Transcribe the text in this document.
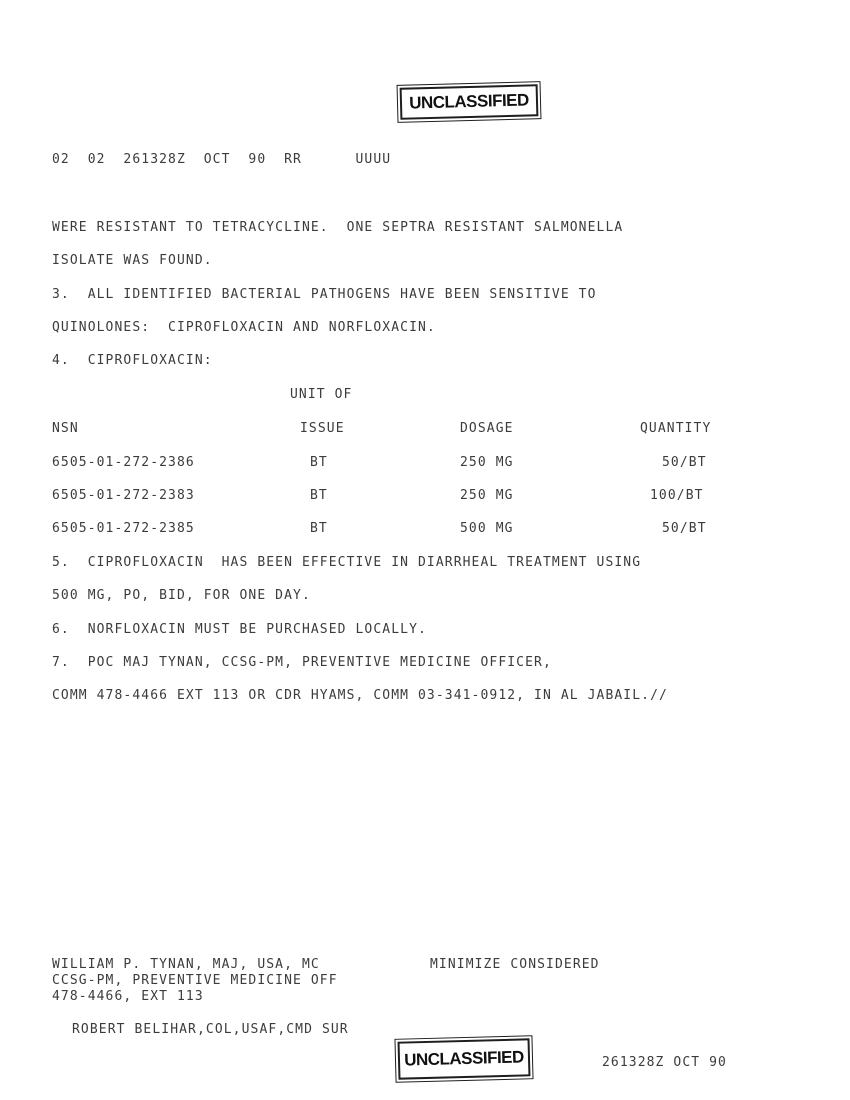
UNCLASSIFIED
02  02  261328Z  OCT  90  RR      UUUU
WERE RESISTANT TO TETRACYCLINE.  ONE SEPTRA RESISTANT SALMONELLA
ISOLATE WAS FOUND.
3.  ALL IDENTIFIED BACTERIAL PATHOGENS HAVE BEEN SENSITIVE TO
QUINOLONES:  CIPROFLOXACIN AND NORFLOXACIN.
4.  CIPROFLOXACIN:
UNIT OF
NSN	ISSUE	DOSAGE	QUANTITY
6505-01-272-2386	BT	250 MG	50/BT
6505-01-272-2383	BT	250 MG	100/BT
6505-01-272-2385	BT	500 MG	50/BT
5.  CIPROFLOXACIN  HAS BEEN EFFECTIVE IN DIARRHEAL TREATMENT USING
500 MG, PO, BID, FOR ONE DAY.
6.  NORFLOXACIN MUST BE PURCHASED LOCALLY.
7.  POC MAJ TYNAN, CCSG-PM, PREVENTIVE MEDICINE OFFICER,
COMM 478-4466 EXT 113 OR CDR HYAMS, COMM 03-341-0912, IN AL JABAIL.//
WILLIAM P. TYNAN, MAJ, USA, MC
CCSG-PM, PREVENTIVE MEDICINE OFF
478-4466, EXT 113
MINIMIZE CONSIDERED
ROBERT BELIHAR,COL,USAF,CMD SUR
UNCLASSIFIED	261328Z OCT 90
